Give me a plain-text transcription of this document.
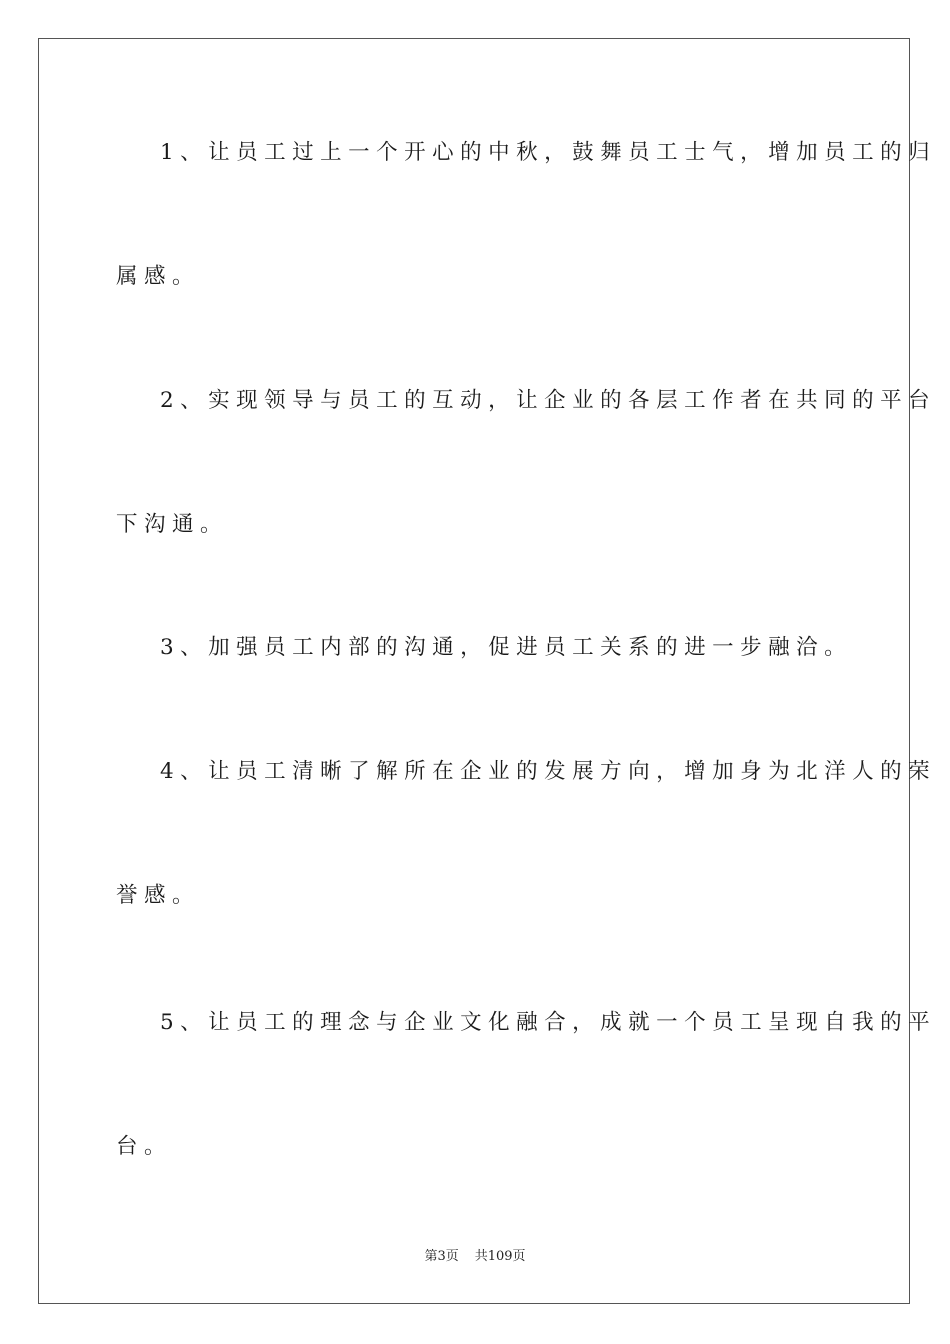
1、让员工过上一个开心的中秋，鼓舞员工士气，增加员工的归
属感。
2、实现领导与员工的互动，让企业的各层工作者在共同的平台
下沟通。
3、加强员工内部的沟通，促进员工关系的进一步融洽。
4、让员工清晰了解所在企业的发展方向，增加身为北洋人的荣
誉感。
5、让员工的理念与企业文化融合，成就一个员工呈现自我的平
台。
第3页 共109页
